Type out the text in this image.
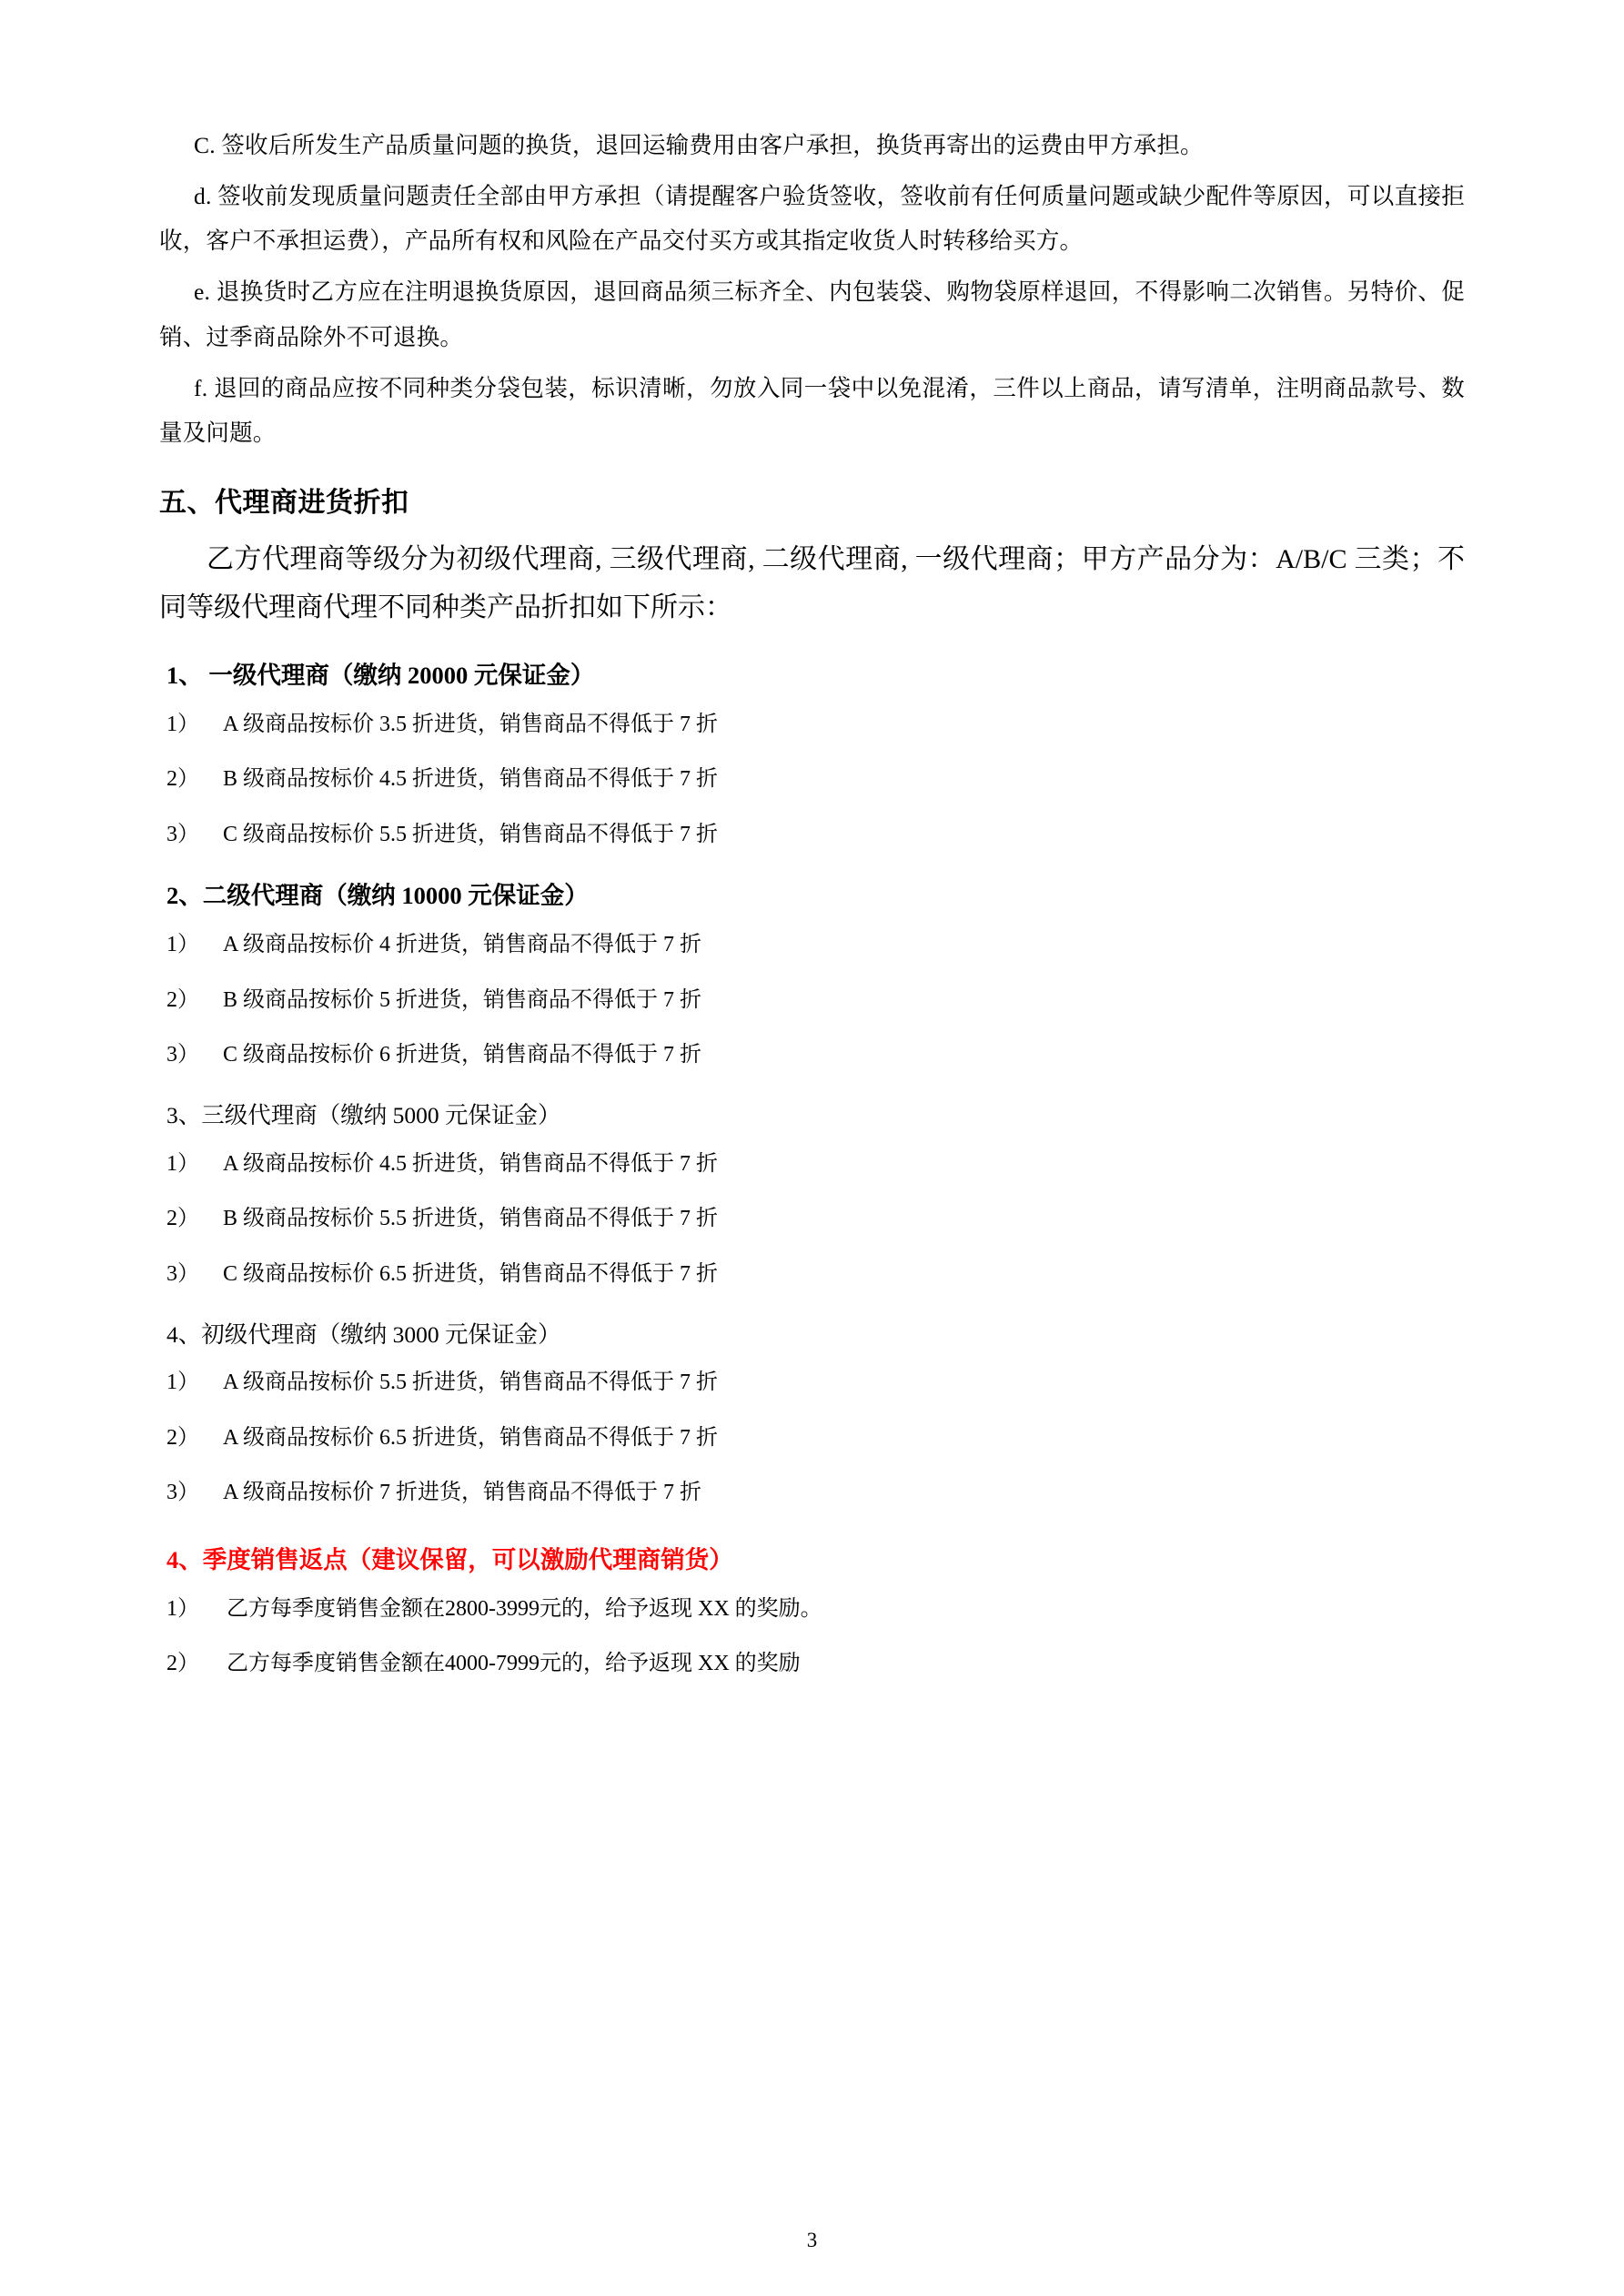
C. 签收后所发生产品质量问题的换货，退回运输费用由客户承担，换货再寄出的运费由甲方承担。

d. 签收前发现质量问题责任全部由甲方承担（请提醒客户验货签收，签收前有任何质量问题或缺少配件等原因，可以直接拒收，客户不承担运费），产品所有权和风险在产品交付买方或其指定收货人时转移给买方。

e. 退换货时乙方应在注明退换货原因，退回商品须三标齐全、内包装袋、购物袋原样退回，不得影响二次销售。另特价、促销、过季商品除外不可退换。

f. 退回的商品应按不同种类分袋包装，标识清晰，勿放入同一袋中以免混淆，三件以上商品，请写清单，注明商品款号、数量及问题。

五、代理商进货折扣

乙方代理商等级分为初级代理商, 三级代理商, 二级代理商, 一级代理商；甲方产品分为：A/B/C 三类；不同等级代理商代理不同种类产品折扣如下所示：

1、 一级代理商（缴纳 20000 元保证金）
1）	A 级商品按标价 3.5 折进货，销售商品不得低于 7 折
2）	B 级商品按标价 4.5 折进货，销售商品不得低于 7 折
3）	C 级商品按标价 5.5 折进货，销售商品不得低于 7 折
2、二级代理商（缴纳 10000 元保证金）
1）	A 级商品按标价 4 折进货，销售商品不得低于 7 折
2）	B 级商品按标价 5 折进货，销售商品不得低于 7 折
3）	C 级商品按标价 6 折进货，销售商品不得低于 7 折
3、三级代理商（缴纳 5000 元保证金）
1）	A 级商品按标价 4.5 折进货，销售商品不得低于 7 折
2）	B 级商品按标价 5.5 折进货，销售商品不得低于 7 折
3）	C 级商品按标价 6.5 折进货，销售商品不得低于 7 折
4、初级代理商（缴纳 3000 元保证金）
1）	A 级商品按标价 5.5 折进货，销售商品不得低于 7 折
2）	A 级商品按标价 6.5 折进货，销售商品不得低于 7 折
3）	A 级商品按标价 7 折进货，销售商品不得低于 7 折
4、季度销售返点（建议保留，可以激励代理商销货）
1）	乙方每季度销售金额在2800-3999元的，给予返现 XX 的奖励。
2）	乙方每季度销售金额在4000-7999元的，给予返现 XX 的奖励
3
